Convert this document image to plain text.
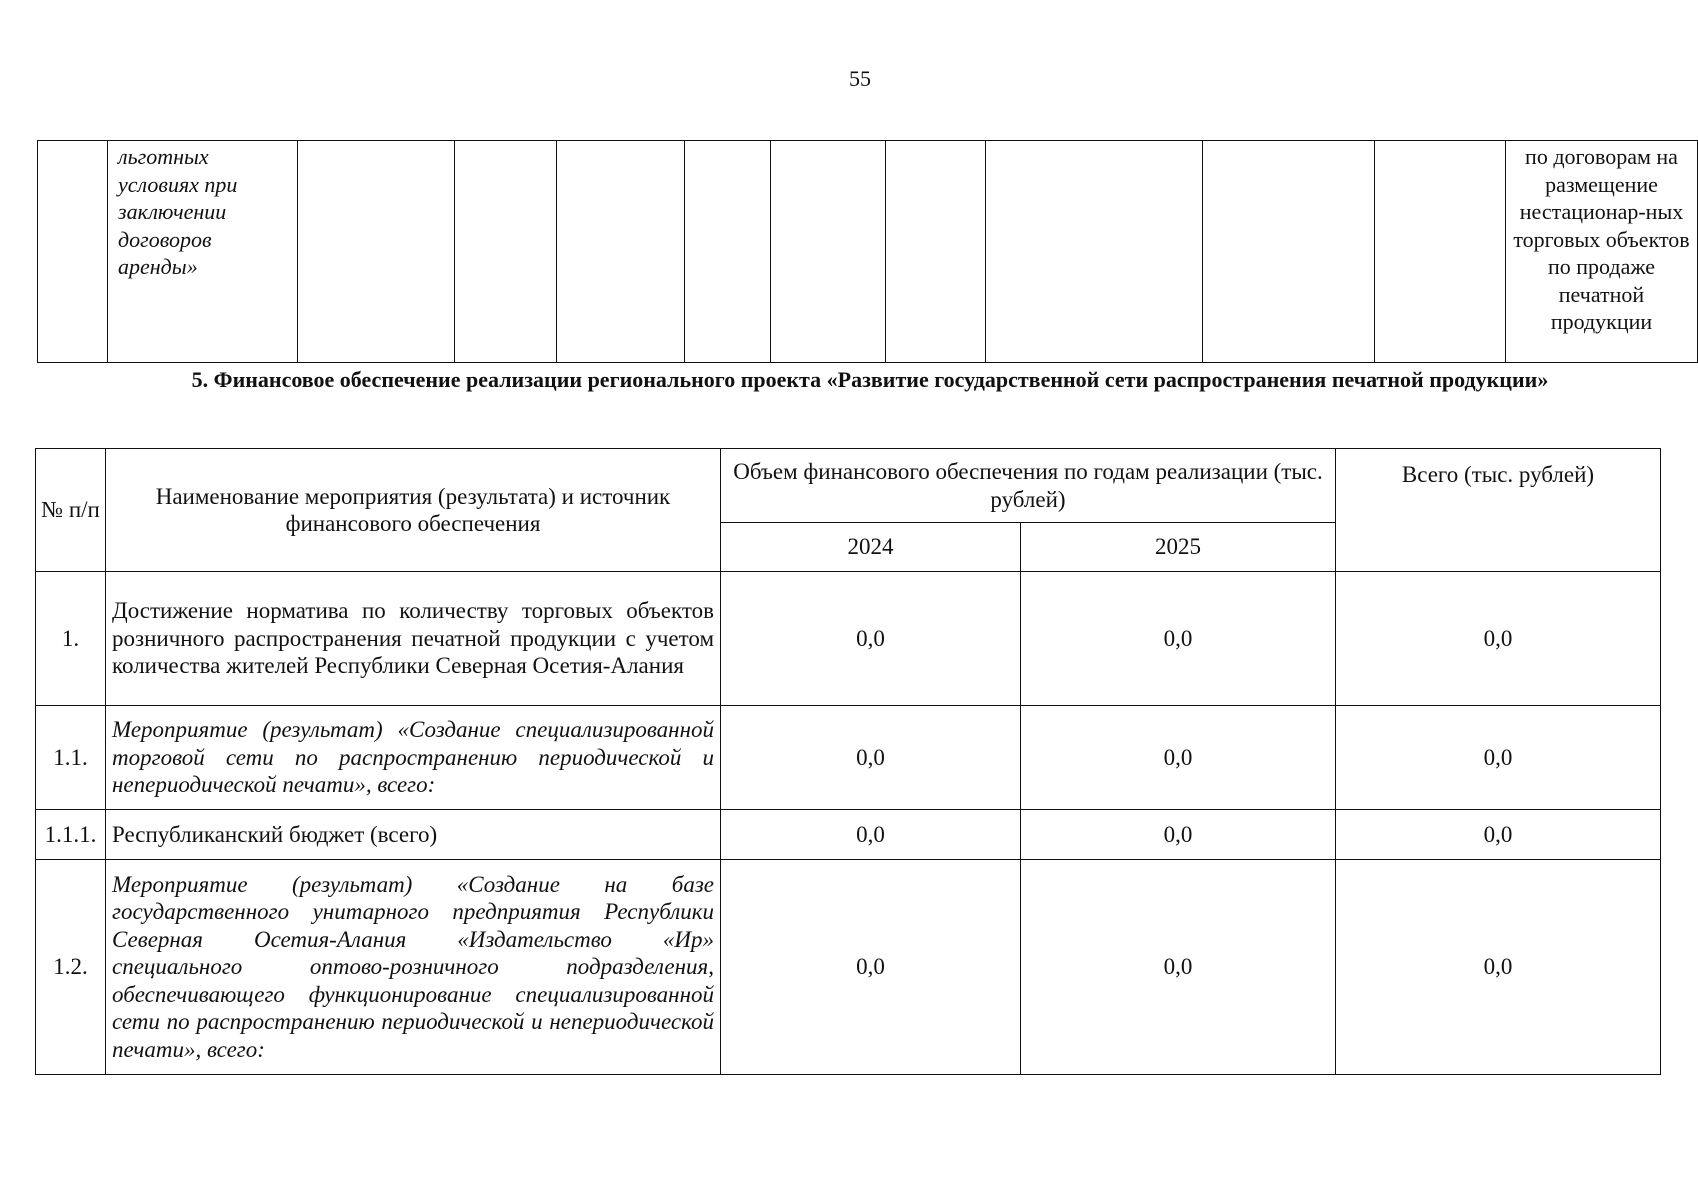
55
	льготных условиях при заключении договоров аренды»										по договорам на размещение нестационар-ных торговых объектов по продаже печатной продукции
5. Финансовое обеспечение реализации регионального проекта «Развитие государственной сети распространения печатной продукции»
№ п/п	Наименование мероприятия (результата) и источник финансового обеспечения	Объем финансового обеспечения по годам реализации (тыс. рублей)		Всего (тыс. рублей)
		2024	2025	
1.	Достижение норматива по количеству торговых объектов розничного распространения печатной продукции с учетом количества жителей Республики Северная Осетия-Алания	0,0	0,0	0,0
1.1.	Мероприятие (результат) «Создание специализированной торговой сети по распространению периодической и непериодической печати», всего:	0,0	0,0	0,0
1.1.1.	Республиканский бюджет (всего)	0,0	0,0	0,0
1.2.	Мероприятие (результат) «Создание на базе государственного унитарного предприятия Республики Северная Осетия-Алания «Издательство «Ир» специального оптово-розничного подразделения, обеспечивающего функционирование специализированной сети по распространению периодической и непериодической печати», всего:	0,0	0,0	0,0
